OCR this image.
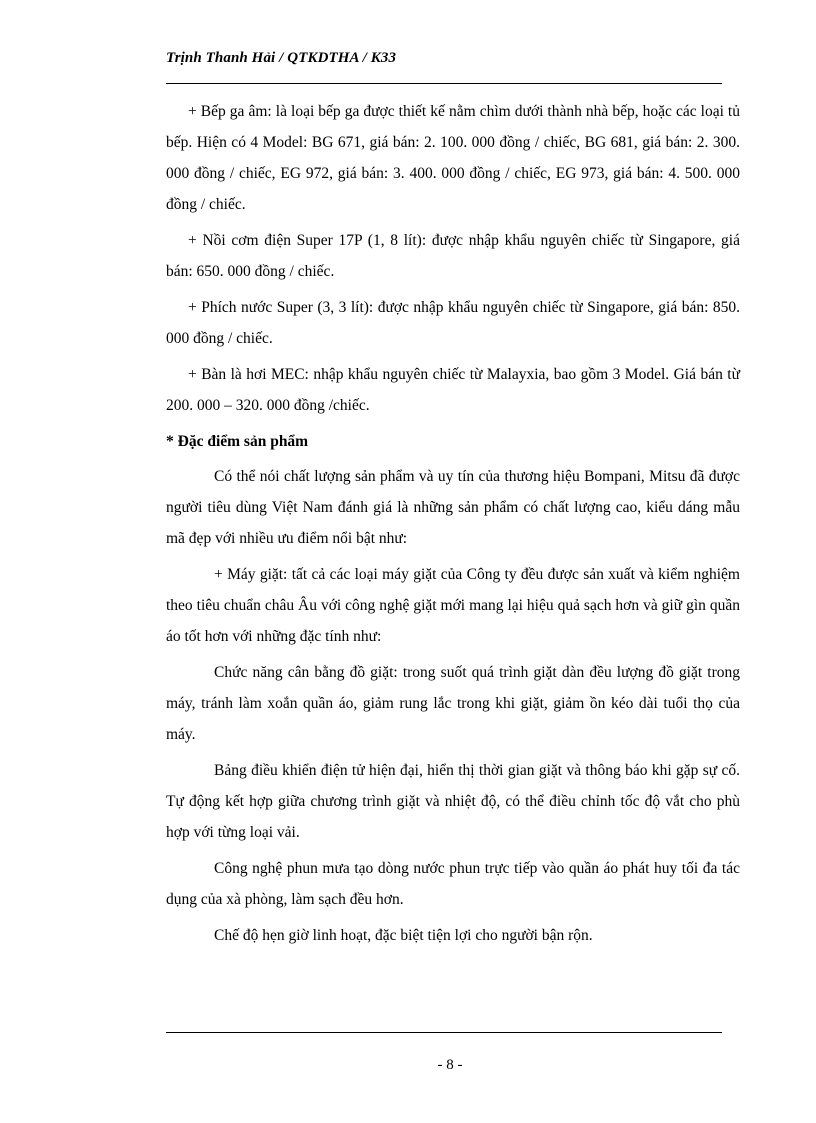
Trịnh Thanh Hải / QTKDTHA / K33

+ Bếp ga âm: là loại bếp ga được thiết kế nằm chìm dưới thành nhà bếp, hoặc các loại tủ bếp. Hiện có 4 Model: BG 671, giá bán: 2. 100. 000 đồng / chiếc, BG 681, giá bán: 2. 300. 000 đồng / chiếc, EG 972, giá bán: 3. 400. 000 đồng / chiếc, EG 973, giá bán: 4. 500. 000 đồng / chiếc.

+ Nồi cơm điện Super 17P (1, 8 lít): được nhập khẩu nguyên chiếc từ Singapore, giá bán: 650. 000 đồng / chiếc.

+ Phích nước Super (3, 3 lít): được nhập khẩu nguyên chiếc từ Singapore, giá bán: 850. 000 đồng / chiếc.

+ Bàn là hơi MEC: nhập khẩu nguyên chiếc từ Malayxia, bao gồm 3 Model. Giá bán từ 200. 000 – 320. 000 đồng /chiếc.

* Đặc điểm sản phẩm

Có thể nói chất lượng sản phẩm và uy tín của thương hiệu Bompani, Mitsu đã được người tiêu dùng Việt Nam đánh giá là những sản phẩm có chất lượng cao, kiểu dáng mẫu mã đẹp với nhiều ưu điểm nổi bật như:

+ Máy giặt: tất cả các loại máy giặt của Công ty đều được sản xuất và kiểm nghiệm theo tiêu chuẩn châu Âu với công nghệ giặt mới mang lại hiệu quả sạch hơn và giữ gìn quần áo tốt hơn với những đặc tính như:

Chức năng cân bằng đồ giặt: trong suốt quá trình giặt dàn đều lượng đồ giặt trong máy, tránh làm xoắn quần áo, giảm rung lắc trong khi giặt, giảm ồn kéo dài tuổi thọ của máy.

Bảng điều khiển điện tử hiện đại, hiển thị thời gian giặt và thông báo khi gặp sự cố. Tự động kết hợp giữa chương trình giặt và nhiệt độ, có thể điều chỉnh tốc độ vắt cho phù hợp với từng loại vải.

Công nghệ phun mưa tạo dòng nước phun trực tiếp vào quần áo phát huy tối đa tác dụng của xà phòng, làm sạch đều hơn.

Chế độ hẹn giờ linh hoạt, đặc biệt tiện lợi cho người bận rộn.

- 8 -
